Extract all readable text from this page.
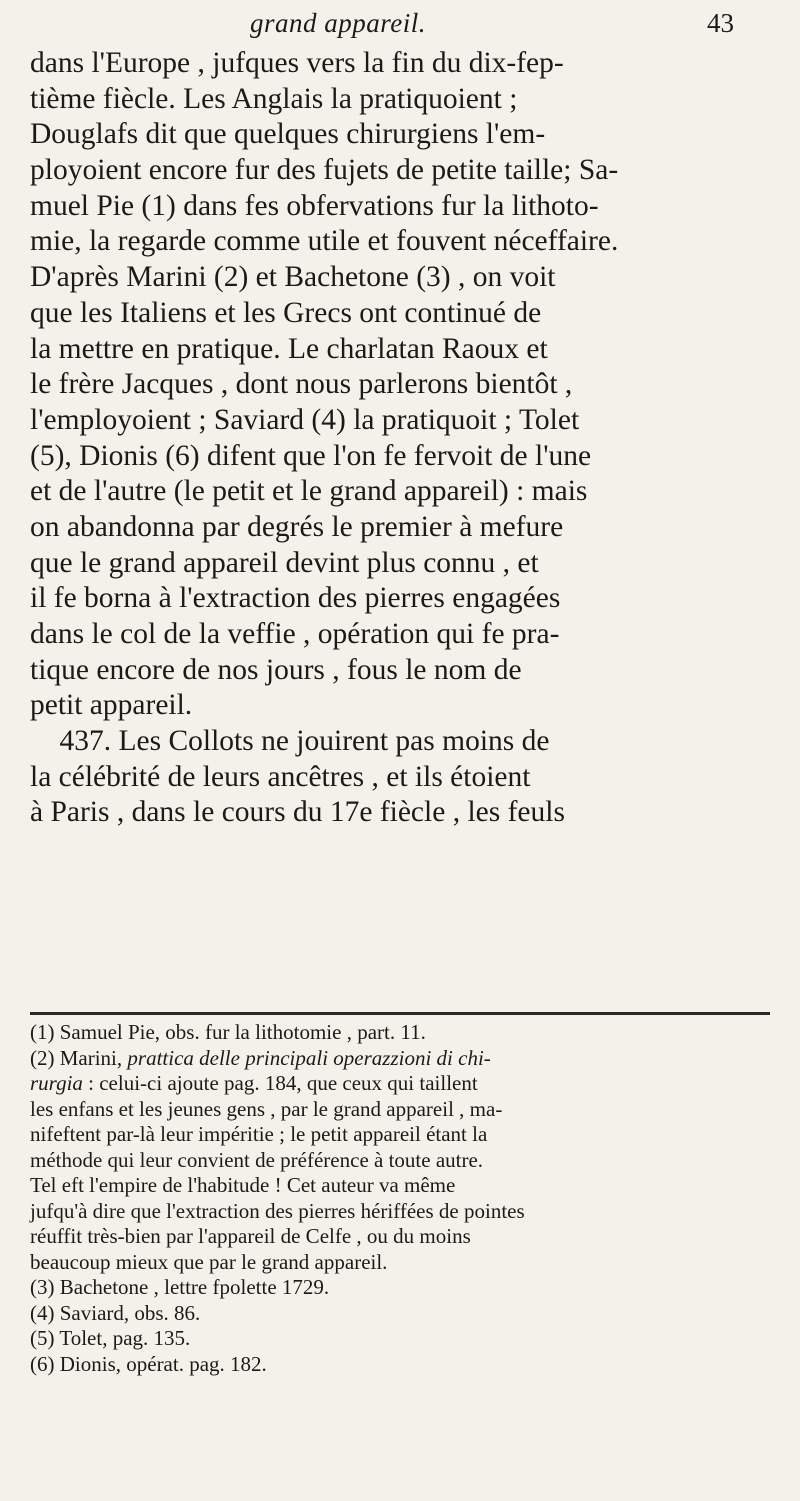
grand appareil.	43
dans l'Europe , jufques vers la fin du dix-fep-
tième fiècle. Les Anglais la pratiquoient ;
Douglafs dit que quelques chirurgiens l'em-
ployoient encore fur des fujets de petite taille; Sa-
muel Pie (1) dans fes obfervations fur la lithoto-
mie, la regarde comme utile et fouvent néceffaire.
D'après Marini (2) et Bachetone (3) , on voit
que les Italiens et les Grecs ont continué de
la mettre en pratique. Le charlatan Raoux et
le frère Jacques , dont nous parlerons bientôt ,
l'employoient ; Saviard (4) la pratiquoit ; Tolet
(5), Dionis (6) difent que l'on fe fervoit de l'une
et de l'autre (le petit et le grand appareil) : mais
on abandonna par degrés le premier à mefure
que le grand appareil devint plus connu , et
il fe borna à l'extraction des pierres engagées
dans le col de la veffie , opération qui fe pra-
tique encore de nos jours , fous le nom de
petit appareil.
437. Les Collots ne jouirent pas moins de
la célébrité de leurs ancêtres , et ils étoient
à Paris , dans le cours du 17e fiècle , les feuls
(1) Samuel Pie, obs. fur la lithotomie , part. 11.
(2) Marini, prattica delle principali operazzioni di chi-
rurgia : celui-ci ajoute pag. 184, que ceux qui taillent
les enfans et les jeunes gens , par le grand appareil , ma-
nifeftent par-là leur impéritie ; le petit appareil étant la
méthode qui leur convient de préférence à toute autre.
Tel eft l'empire de l'habitude ! Cet auteur va même
jufqu'à dire que l'extraction des pierres hériffées de pointes
réuffit très-bien par l'appareil de Celfe , ou du moins
beaucoup mieux que par le grand appareil.
(3) Bachetone , lettre fpolette 1729.
(4) Saviard, obs. 86.
(5) Tolet, pag. 135.
(6) Dionis, opérat. pag. 182.
